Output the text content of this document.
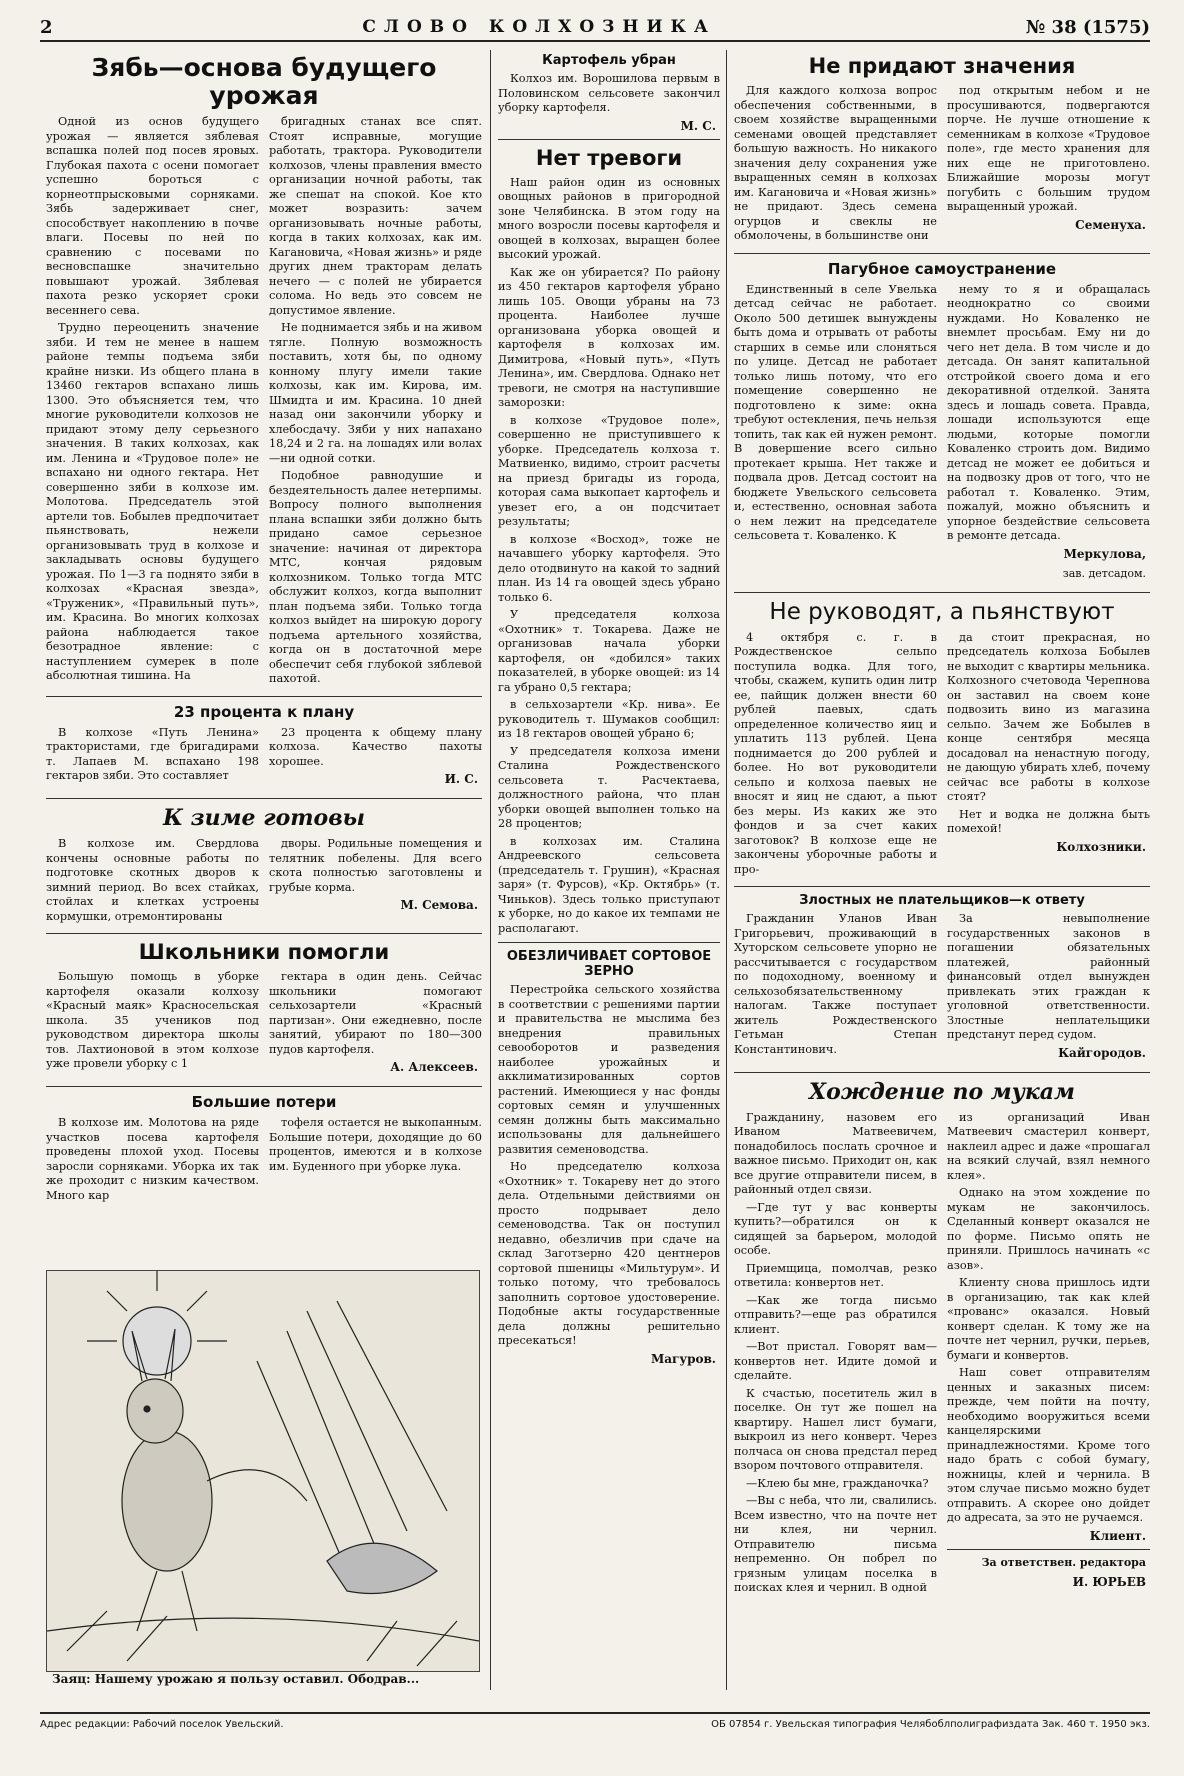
2	СЛОВО КОЛХОЗНИКА	№ 38 (1575)
Зябь—основа будущего урожая

Одной из основ будущего урожая — является зяблевая вспашка полей под посев яровых. Глубокая пахота с осени помогает успешно бороться с корнеотпрысковыми сорняками. Зябь задерживает снег, способствует накоплению в почве влаги. Посевы по ней по сравнению с посевами по весновспашке значительно повышают урожай. Зяблевая пахота резко ускоряет сроки весеннего сева.

Трудно переоценить значение зяби. И тем не менее в нашем районе темпы подъема зяби крайне низки. Из общего плана в 13460 гектаров вспахано лишь 1300. Это объясняется тем, что многие руководители колхозов не придают этому делу серьезного значения. В таких колхозах, как им. Ленина и «Трудовое поле» не вспахано ни одного гектара. Нет совершенно зяби в колхозе им. Молотова. Председатель этой артели тов. Бобылев предпочитает пьянствовать, нежели организовывать труд в колхозе и закладывать основы будущего урожая. По 1—3 га поднято зяби в колхозах «Красная звезда», «Труженик», «Правильный путь», им. Красина. Во многих колхозах района наблюдается такое безотрадное явление: с наступлением сумерек в поле абсолютная тишина. На

бригадных станах все спят. Стоят исправные, могущие работать, трактора. Руководители колхозов, члены правления вместо организации ночной работы, так же спешат на спокой. Кое кто может возразить: зачем организовывать ночные работы, когда в таких колхозах, как им. Кагановича, «Новая жизнь» и ряде других днем тракторам делать нечего — с полей не убирается солома. Но ведь это совсем не допустимое явление.

Не поднимается зябь и на живом тягле. Полную возможность поставить, хотя бы, по одному конному плугу имели такие колхозы, как им. Кирова, им. Шмидта и им. Красина. 10 дней назад они закончили уборку и хлебосдачу. Зяби у них напахано 18,24 и 2 га. на лошадях или волах—ни одной сотки.

Подобное равнодушие и бездеятельность далее нетерпимы. Вопросу полного выполнения плана вспашки зяби должно быть придано самое серьезное значение: начиная от директора МТС, кончая рядовым колхозником. Только тогда МТС обслужит колхоз, когда выполнит план подъема зяби. Только тогда колхоз выйдет на широкую дорогу подъема артельного хозяйства, когда он в достаточной мере обеспечит себя глубокой зяблевой пахотой.

23 процента к плану

В колхозе «Путь Ленина» трактористами, где бригадирами т. Лапаев М. вспахано 198 гектаров зяби. Это составляет

23 процента к общему плану колхоза. Качество пахоты хорошее.

И. С.
К зиме готовы

В колхозе им. Свердлова кончены основные работы по подготовке скотных дворов к зимний период. Во всех стайках, стойлах и клетках устроены кормушки, отремонтированы

дворы. Родильные помещения и телятник побелены. Для всего скота полностью заготовлены и грубые корма.

М. Семова.
Школьники помогли

Большую помощь в уборке картофеля оказали колхозу «Красный маяк» Красносельская школа. 35 учеников под руководством директора школы тов. Лахтионовой в этом колхозе уже провели уборку с 1

гектара в один день. Сейчас школьники помогают сельхозартели «Красный партизан». Они ежедневно, после занятий, убирают по 180—300 пудов картофеля.

А. Алексеев.
Большие потери

В колхозе им. Молотова на ряде участков посева картофеля проведены плохой уход. Посевы заросли сорняками. Уборка их так же проходит с низким качеством. Много кар

тофеля остается не выкопанным. Большие потери, доходящие до 60 процентов, имеются и в колхозе им. Буденного при уборке лука.

Заяц: Нашему урожаю я пользу оставил. Ободрав...
Картофель убран

Колхоз им. Ворошилова первым в Половинском сельсовете закончил уборку картофеля.

М. С.
Нет тревоги

Наш район один из основных овощных районов в пригородной зоне Челябинска. В этом году на много возросли посевы картофеля и овощей в колхозах, выращен более высокий урожай.

Как же он убирается? По району из 450 гектаров картофеля убрано лишь 105. Овощи убраны на 73 процента. Наиболее лучше организована уборка овощей и картофеля в колхозах им. Димитрова, «Новый путь», «Путь Ленина», им. Свердлова. Однако нет тревоги, не смотря на наступившие заморозки:

в колхозе «Трудовое поле», совершенно не приступившего к уборке. Председатель колхоза т. Матвиенко, видимо, строит расчеты на приезд бригады из города, которая сама выкопает картофель и увезет его, а он подсчитает результаты;

в колхозе «Восход», тоже не начавшего уборку картофеля. Это дело отодвинуто на какой то задний план. Из 14 га овощей здесь убрано только 6.

У председателя колхоза «Охотник» т. Токарева. Даже не организовав начала уборки картофеля, он «добился» таких показателей, в уборке овощей: из 14 га убрано 0,5 гектара;

в сельхозартели «Кр. нива». Ее руководитель т. Шумаков сообщил: из 18 гектаров овощей убрано 6;

У председателя колхоза имени Сталина Рождественского сельсовета т. Расчектаева, должностного района, что план уборки овощей выполнен только на 28 процентов;

в колхозах им. Сталина Андреевского сельсовета (председатель т. Грушин), «Красная заря» (т. Фурсов), «Кр. Октябрь» (т. Чиньков). Здесь только приступают к уборке, но до какое их темпами не располагают.

ОБЕЗЛИЧИВАЕТ СОРТОВОЕ ЗЕРНО

Перестройка сельского хозяйства в соответствии с решениями партии и правительства не мыслима без внедрения правильных севооборотов и разведения наиболее урожайных и акклиматизированных сортов растений. Имеющиеся у нас фонды сортовых семян и улучшенных семян должны быть максимально использованы для дальнейшего развития семеноводства.

Но председателю колхоза «Охотник» т. Токареву нет до этого дела. Отдельными действиями он просто подрывает дело семеноводства. Так он поступил недавно, обезличив при сдаче на склад Заготзерно 420 центнеров сортовой пшеницы «Мильтурум». И только потому, что требовалось заполнить сортовое удостоверение. Подобные акты государственные дела должны решительно пресекаться!

Магуров.
Не придают значения

Для каждого колхоза вопрос обеспечения собственными, в своем хозяйстве выращенными семенами овощей представляет большую важность. Но никакого значения делу сохранения уже выращенных семян в колхозах им. Кагановича и «Новая жизнь» не придают. Здесь семена огурцов и свеклы не обмолочены, в большинстве они

под открытым небом и не просушиваются, подвергаются порче. Не лучше отношение к семенникам в колхозе «Трудовое поле», где место хранения для них еще не приготовлено. Ближайшие морозы могут погубить с большим трудом выращенный урожай.

Семенуха.
Пагубное самоустранение

Единственный в селе Увелька детсад сейчас не работает. Около 500 детишек вынуждены быть дома и отрывать от работы старших в семье или слоняться по улице. Детсад не работает только лишь потому, что его помещение совершенно не подготовлено к зиме: окна требуют остекления, печь нельзя топить, так как ей нужен ремонт. В довершение всего сильно протекает крыша. Нет также и подвала дров. Детсад состоит на бюджете Увельского сельсовета и, естественно, основная забота о нем лежит на председателе сельсовета т. Коваленко. К

нему то я и обращалась неоднократно со своими нуждами. Но Коваленко не внемлет просьбам. Ему ни до чего нет дела. В том числе и до детсада. Он занят капитальной отстройкой своего дома и его декоративной отделкой. Занята здесь и лошадь совета. Правда, лошади используются еще людьми, которые помогли Коваленко строить дом. Видимо детсад не может ее добиться и на подвозку дров от того, что не работал т. Коваленко. Этим, пожалуй, можно объяснить и упорное бездействие сельсовета в ремонте детсада.

Меркулова,
зав. детсадом.
Не руководят, а пьянствуют

4 октября с. г. в Рождественское сельпо поступила водка. Для того, чтобы, скажем, купить один литр ее, пайщик должен внести 60 рублей паевых, сдать определенное количество яиц и уплатить 113 рублей. Цена поднимается до 200 рублей и более. Но вот руководители сельпо и колхоза паевых не вносят и яиц не сдают, а пьют без меры. Из каких же это фондов и за счет каких заготовок? В колхозе еще не закончены уборочные работы и про-

да стоит прекрасная, но председатель колхоза Бобылев не выходит с квартиры мельника. Колхозного счетовода Черепнова он заставил на своем коне подвозить вино из магазина сельпо. Зачем же Бобылев в конце сентября месяца досадовал на ненастную погоду, не дающую убирать хлеб, почему сейчас все работы в колхозе стоят?

Нет и водка не должна быть помехой!

Колхозники.
Злостных не плательщиков—к ответу

Гражданин Уланов Иван Григорьевич, проживающий в Хуторском сельсовете упорно не рассчитывается с государством по подоходному, военному и сельхозобязательственному налогам. Также поступает житель Рождественского Гетьман Степан Константинович.

За невыполнение государственных законов в погашении обязательных платежей, районный финансовый отдел вынужден привлекать этих граждан к уголовной ответственности. Злостные неплательщики предстанут перед судом.

Кайгородов.
Хождение по мукам

Гражданину, назовем его Иваном Матвеевичем, понадобилось послать срочное и важное письмо. Приходит он, как все другие отправители писем, в районный отдел связи.

—Где тут у вас конверты купить?—обратился он к сидящей за барьером, молодой особе.

Приемщица, помолчав, резко ответила: конвертов нет.

—Как же тогда письмо отправить?—еще раз обратился клиент.

—Вот пристал. Говорят вам—конвертов нет. Идите домой и сделайте.

К счастью, посетитель жил в поселке. Он тут же пошел на квартиру. Нашел лист бумаги, выкроил из него конверт. Через полчаса он снова предстал перед взором почтового отправителя.

—Клею бы мне, гражданочка?

—Вы с неба, что ли, свалились. Всем известно, что на почте нет ни клея, ни чернил. Отправителю письма непременно. Он побрел по грязным улицам поселка в поисках клея и чернил. В одной

из организаций Иван Матвеевич смастерил конверт, наклеил адрес и даже «прошагал на всякий случай, взял немного клея».

Однако на этом хождение по мукам не закончилось. Сделанный конверт оказался не по форме. Письмо опять не приняли. Пришлось начинать «с азов».

Клиенту снова пришлось идти в организацию, так как клей «прованс» оказался. Новый конверт сделан. К тому же на почте нет чернил, ручки, перьев, бумаги и конвертов.

Наш совет отправителям ценных и заказных писем: прежде, чем пойти на почту, необходимо вооружиться всеми канцелярскими принадлежностями. Кроме того надо брать с собой бумагу, ножницы, клей и чернила. В этом случае письмо можно будет отправить. А скорее оно дойдет до адресата, за это не ручаемся.

Клиент.
За ответствен. редактора
И. ЮРЬЕВ
Адрес редакции: Рабочий поселок Увельский.	ОБ 07854 г. Увельская типография Челябоблполиграфиздата Зак. 460 т. 1950 экз.
